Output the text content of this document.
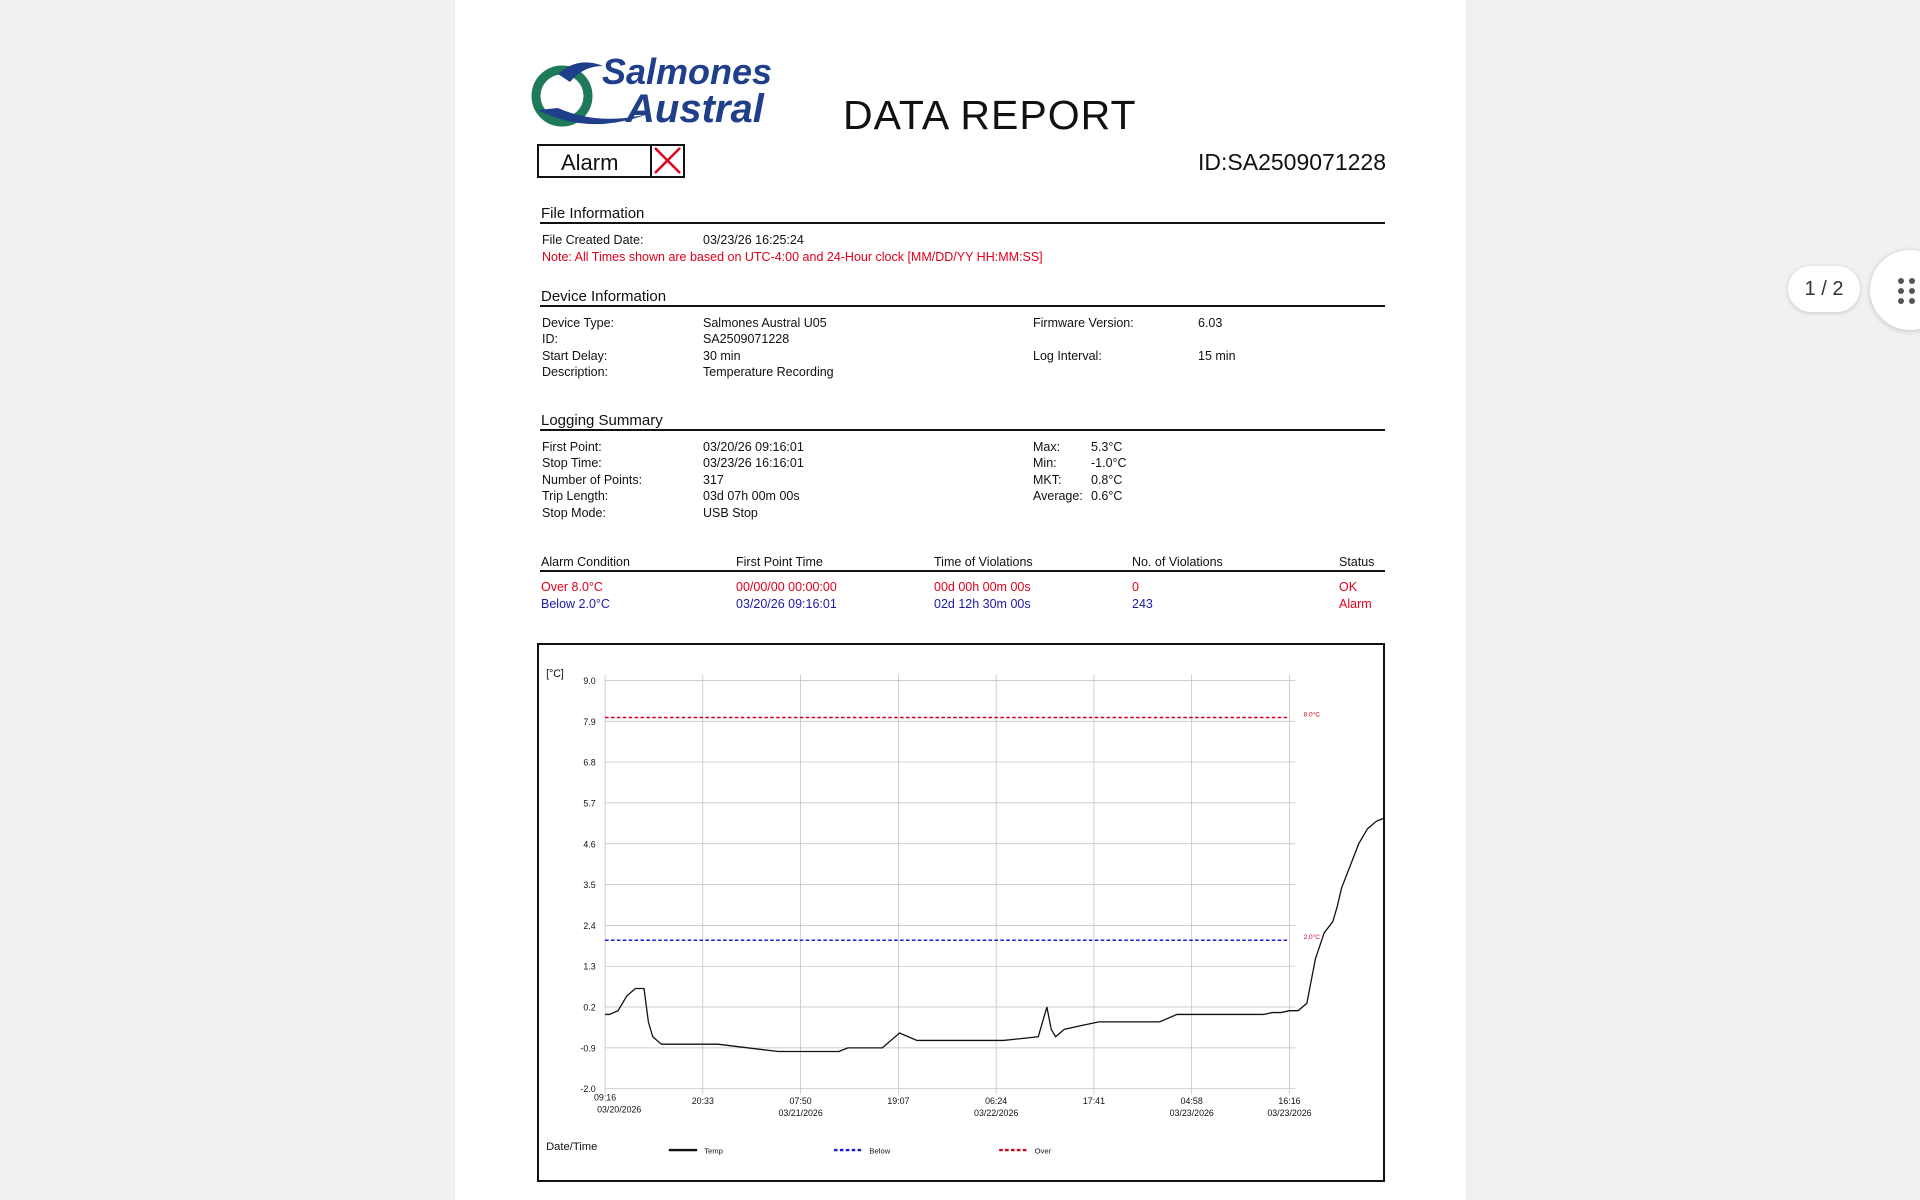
Salmones
Austral DATA REPORT
Alarm	ID:SA2509071228
File Information
File Created Date:	03/23/26 16:25:24
Note: All Times shown are based on UTC-4:00 and 24-Hour clock [MM/DD/YY HH:MM:SS]
Device Information
Device Type:	Salmones Austral U05
ID:	SA2509071228
Start Delay:	30 min
Description:	Temperature Recording
Firmware Version:	6.03
Log Interval:	15 min
Logging Summary
First Point:	03/20/26 09:16:01
Stop Time:	03/23/26 16:16:01
Number of Points:	317
Trip Length:	03d 07h 00m 00s
Stop Mode:	USB Stop
Max: 5.3°C
Min:	-1.0°C
MKT: 0.8°C
Average: 0.6°C
Alarm Condition	First Point Time	Time of Violations	No. of Violations	Status
Over 8.0°C	00/00/00 00:00:00	00d 00h 00m 00s	0	OK
Below 2.0°C	03/20/26 09:16:01	02d 12h 30m 00s	243	Alarm
9.0
7.9
6.8
5.7
4.6
3.5
2.4
1.3
0.2
-0.9
-2.0
09:16
03/20/2026
20:33	07:50
03/21/2026
19:07	06:24
03/22/2026
17:41	04:58
03/23/2026
16:16
03/23/2026
[°C]
Date/Time
8.0°C
2.0°C
Temp	Below	Over
1 / 2
